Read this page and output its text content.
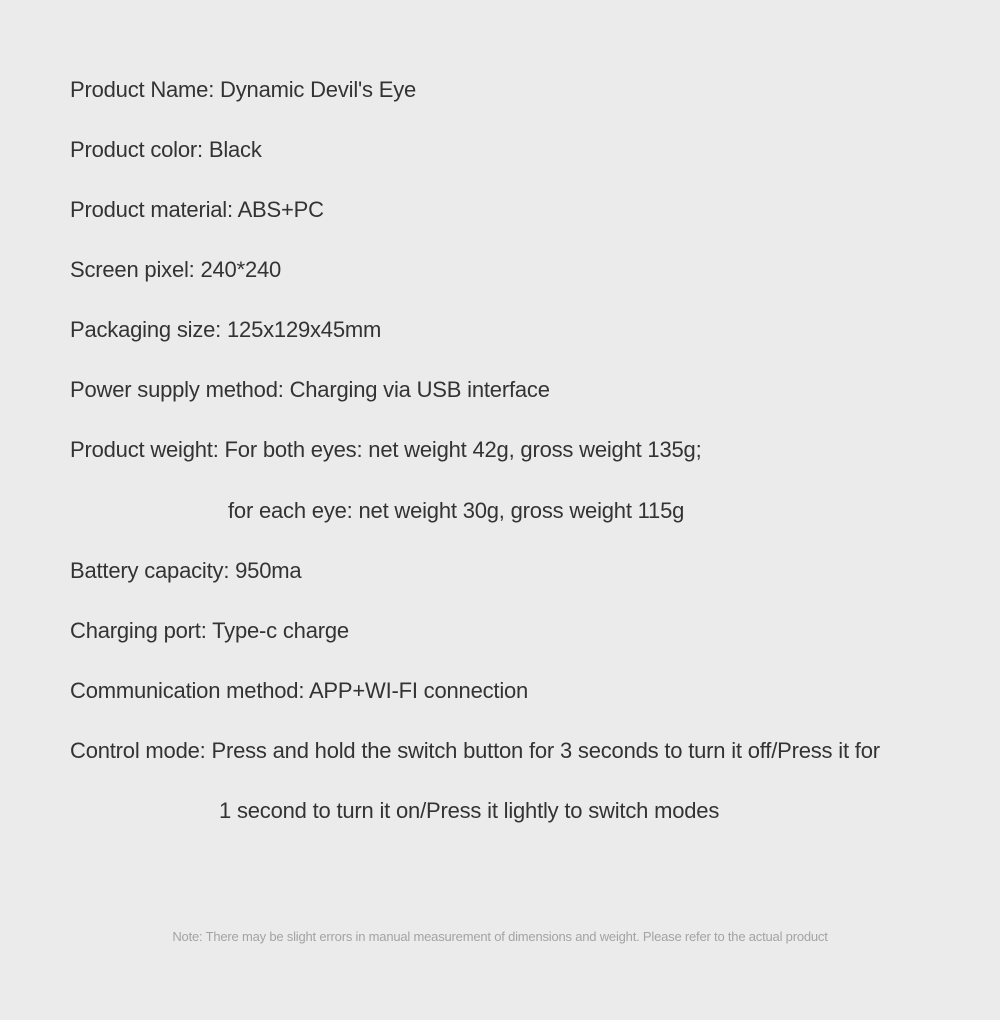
Product Name: Dynamic Devil's Eye
Product color: Black
Product material: ABS+PC
Screen pixel: 240*240
Packaging size: 125x129x45mm
Power supply method: Charging via USB interface
Product weight: For both eyes: net weight 42g, gross weight 135g;
for each eye: net weight 30g, gross weight 115g
Battery capacity: 950ma
Charging port: Type-c charge
Communication method: APP+WI-FI connection
Control mode: Press and hold the switch button for 3 seconds to turn it off/Press it for
1 second to turn it on/Press it lightly to switch modes
Note: There may be slight errors in manual measurement of dimensions and weight. Please refer to the actual product
